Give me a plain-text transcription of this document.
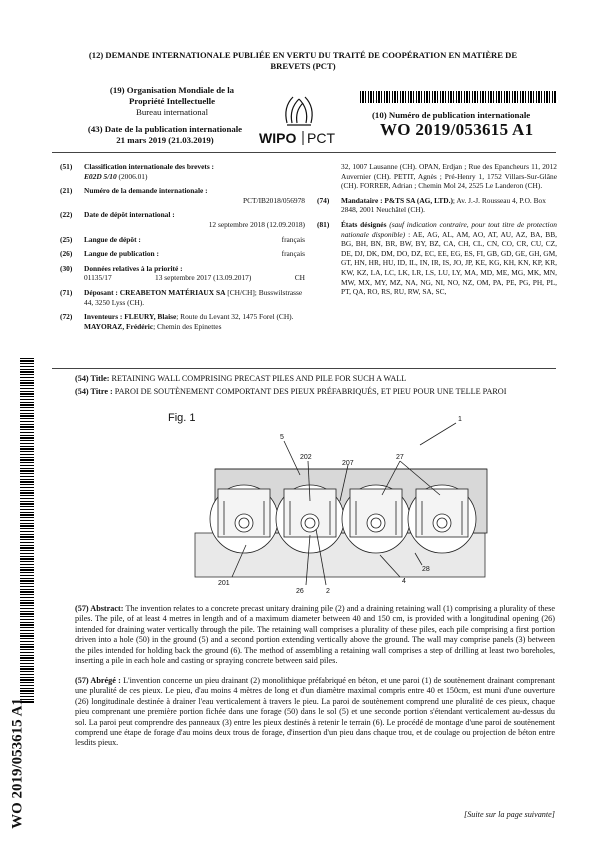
(12) DEMANDE INTERNATIONALE PUBLIÉE EN VERTU DU TRAITÉ DE COOPÉRATION EN MATIÈRE DE
BREVETS (PCT)
(19) Organisation Mondiale de la
Propriété Intellectuelle
Bureau international
(43) Date de la publication internationale
21 mars 2019 (21.03.2019)	WIPO PCT
(10) Numéro de publication internationale
WO 2019/053615 A1
(51)	Classification internationale des brevets :
E02D 5/10 (2006.01)
(21)	Numéro de la demande internationale :
PCT/IB2018/056978
(22)	Date de dépôt international :
12 septembre 2018 (12.09.2018)
(25)	Langue de dépôt :	français
(26)	Langue de publication :	français
(30)	Données relatives à la priorité :
01135/17	13 septembre 2017 (13.09.2017)	CH
(71)	Déposant : CREABETON MATÉRIAUX SA [CH/CH]; Busswilstrasse 44, 3250 Lyss (CH).
(72)	Inventeurs : FLEURY, Blaise; Route du Levant 32, 1475 Forel (CH). MAYORAZ, Frédéric; Chemin des Epinettes
32, 1007 Lausanne (CH). OPAN, Erdjan ; Rue des Epancheurs 11, 2012 Auvernier (CH). PETIT, Agnès ; Pré-Henry 1, 1752 Villars-Sur-Glâne (CH). FORRER, Adrian ; Chemin Mol 24, 2525 Le Landeron (CH).
(74)	Mandataire : P&TS SA (AG, LTD.); Av. J.-J. Rousseau 4, P.O. Box 2848, 2001 Neuchâtel (CH).
(81)	États désignés (sauf indication contraire, pour tout titre de protection nationale disponible) : AE, AG, AL, AM, AO, AT, AU, AZ, BA, BB, BG, BH, BN, BR, BW, BY, BZ, CA, CH, CL, CN, CO, CR, CU, CZ, DE, DJ, DK, DM, DO, DZ, EC, EE, EG, ES, FI, GB, GD, GE, GH, GM, GT, HN, HR, HU, ID, IL, IN, IR, IS, JO, JP, KE, KG, KH, KN, KP, KR, KW, KZ, LA, LC, LK, LR, LS, LU, LY, MA, MD, ME, MG, MK, MN, MW, MX, MY, MZ, NA, NG, NI, NO, NZ, OM, PA, PE, PG, PH, PL, PT, QA, RO, RS, RU, RW, SA, SC,
(54) Title: RETAINING WALL COMPRISING PRECAST PILES AND PILE FOR SUCH A WALL
(54) Titre : PAROI DE SOUTÈNEMENT COMPORTANT DES PIEUX PRÉFABRIQUÉS, ET PIEU POUR UNE TELLE PAROI
WO 2019/053615 A1
Fig. 1	1
5
202
207
27
201
26	2
4
28
(57) Abstract: The invention relates to a concrete precast unitary draining pile (2) and a draining retaining wall (1) comprising a plurality of these piles. The pile, of at least 4 metres in length and of a maximum diameter between 40 and 150 cm, is provided with a longitudinal opening (26) intended for draining water vertically through the pile. The retaining wall comprises a plurality of these piles, each pile comprising a first portion driven into a hole (50) in the ground (5) and a second portion extending vertically above the ground. The wall may comprise panels (3) between the piles intended for holding back the ground (6). The method of assembling a retaining wall comprises a step of drilling at least two boreholes, inserting a pile in each hole and casting or spraying concrete between said piles.
(57) Abrégé : L'invention concerne un pieu drainant (2) monolithique préfabriqué en béton, et une paroi (1) de soutènement drainant comprenant une pluralité de ces pieux. Le pieu, d'au moins 4 mètres de long et d'un diamètre maximal compris entre 40 et 150cm, est muni d'une ouverture (26) longitudinale destinée à drainer l'eau verticalement à travers le pieu. La paroi de soutènement comprend une pluralité de ces pieux, chaque pieu comprenant une première portion fichée dans une forage (50) dans le sol (5) et une seconde portion s'étendant verticalement au-dessus du sol. La paroi peut comprendre des panneaux (3) entre les pieux destinés à retenir le terrain (6). Le procédé de montage d'une paroi de soutènement comprend une étape de forage d'au moins deux trous de forage, d'insertion d'un pieu dans chaque trou, et de coulage ou projection de béton entre lesdits pieux.
[Suite sur la page suivante]
